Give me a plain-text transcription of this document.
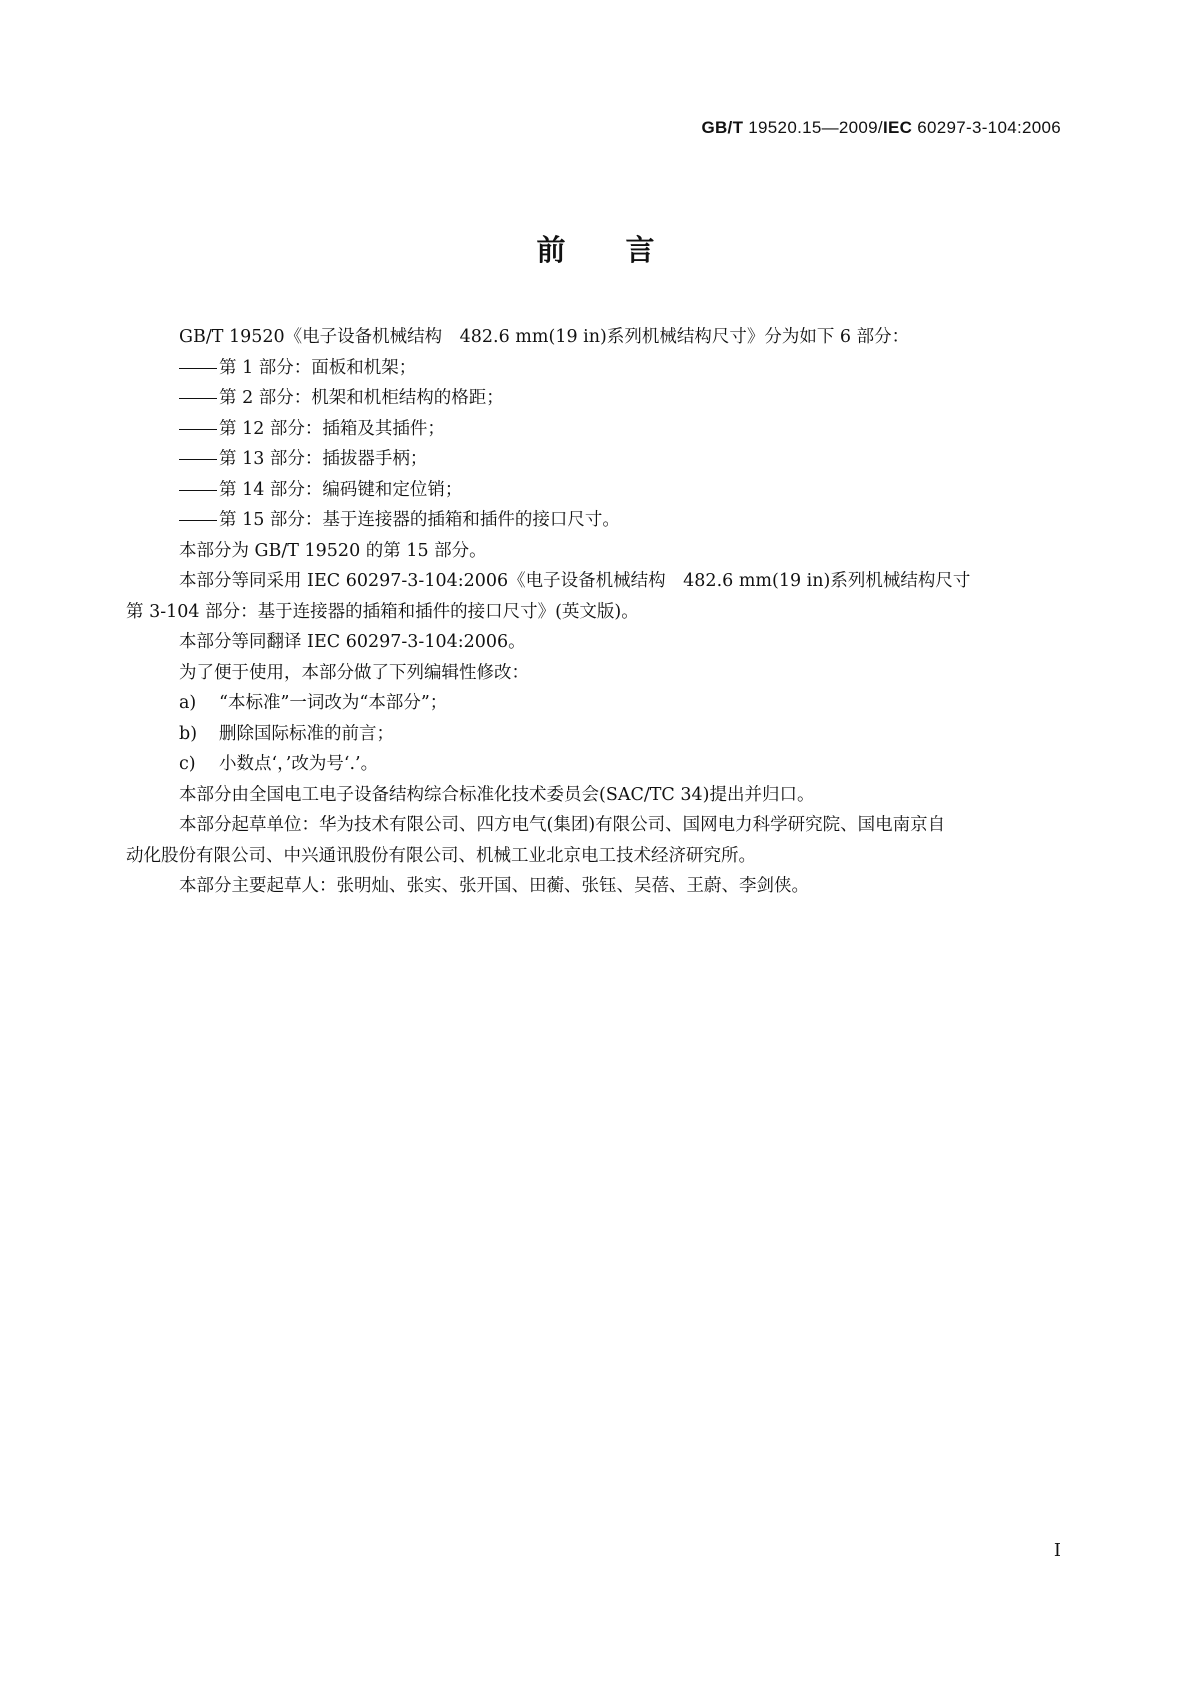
GB/T 19520.15—2009/IEC 60297-3-104:2006
前言
GB/T 19520《电子设备机械结构　482.6 mm(19 in)系列机械结构尺寸》分为如下 6 部分：
第 1 部分：面板和机架；
第 2 部分：机架和机柜结构的格距；
第 12 部分：插箱及其插件；
第 13 部分：插拔器手柄；
第 14 部分：编码键和定位销；
第 15 部分：基于连接器的插箱和插件的接口尺寸。
本部分为 GB/T 19520 的第 15 部分。
本部分等同采用 IEC 60297-3-104:2006《电子设备机械结构　482.6 mm(19 in)系列机械结构尺寸
第 3-104 部分：基于连接器的插箱和插件的接口尺寸》(英文版)。
本部分等同翻译 IEC 60297-3-104:2006。
为了便于使用，本部分做了下列编辑性修改：
a) “本标准”一词改为“本部分”；
b) 删除国际标准的前言；
c) 小数点‘，’改为号‘.’。
本部分由全国电工电子设备结构综合标准化技术委员会(SAC/TC 34)提出并归口。
本部分起草单位：华为技术有限公司、四方电气(集团)有限公司、国网电力科学研究院、国电南京自
动化股份有限公司、中兴通讯股份有限公司、机械工业北京电工技术经济研究所。
本部分主要起草人：张明灿、张实、张开国、田蘅、张钰、吴蓓、王蔚、李剑侠。
I
